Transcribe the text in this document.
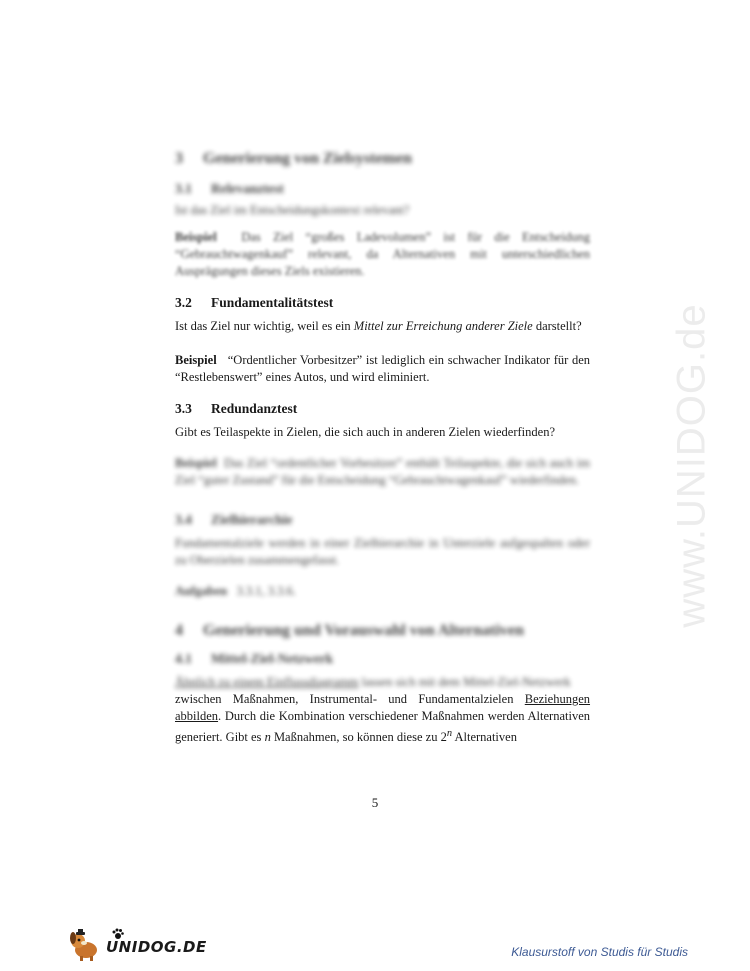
www.UNIDOG.de
3 Generierung von Zielsystemen
3.1 Relevanztest

Ist das Ziel im Entscheidungskontext relevant?

Beispiel Das Ziel “großes Ladevolumen” ist für die Entscheidung “Gebrauchtwagenkauf” relevant, da Alternativen mit unterschiedlichen Ausprägungen dieses Ziels existieren.

3.2 Fundamentalitätstest

Ist das Ziel nur wichtig, weil es ein Mittel zur Erreichung anderer Ziele darstellt?

Beispiel “Ordentlicher Vorbesitzer” ist lediglich ein schwacher Indikator für den “Restlebenswert” eines Autos, und wird eliminiert.

3.3 Redundanztest

Gibt es Teilaspekte in Zielen, die sich auch in anderen Zielen wiederfinden?

Beispiel Das Ziel “ordentlicher Vorbesitzer” enthält Teilaspekte, die sich auch im Ziel “guter Zustand” für die Entscheidung “Gebrauchtwagenkauf” wiederfinden.

3.4 Zielhierarchie

Fundamentalziele werden in einer Zielhierarchie in Unterziele aufgespalten oder zu Oberzielen zusammengefasst.

Aufgaben 3.3.1, 3.3.6.

4 Generierung und Vorauswahl von Alternativen
4.1 Mittel-Ziel-Netzwerk

Ähnlich zu einem Einflussdiagramm lassen sich mit dem Mittel-Ziel-Netzwerk

zwischen Maßnahmen, Instrumental- und Fundamentalzielen Beziehungen abbilden. Durch die Kombination verschiedener Maßnahmen werden Alternativen generiert. Gibt es n Maßnahmen, so können diese zu 2$^n$ Alternativen

5
UNIDOG.DE	Klausurstoff von Studis für Studis
